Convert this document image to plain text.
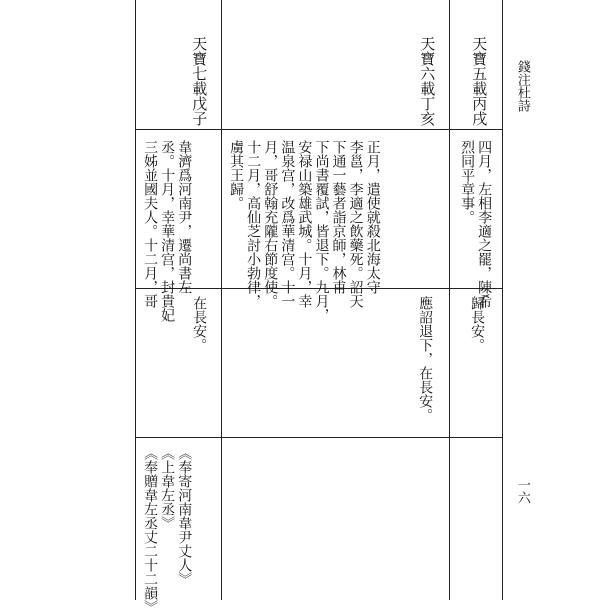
錢注杜詩
一六
天寶五載丙戌
四月，左相李適之罷，陳希
烈同平章事。
歸長安。
天寶六載丁亥
正月，遣使就殺北海太守
李邕，李適之飲藥死。詔天
下通一藝者詣京師，林甫
下尚書覆試，皆退下。九月，
安禄山築雄武城。十月，幸
温泉宫，改爲華清宫。十一
月，哥舒翰充隴右節度使。
十二月，高仙芝討小勃律，
虜其王歸。
應詔退下，在長安。
天寶七載戊子
韋濟爲河南尹，遷尚書左
丞。十月，幸華清宫，封貴妃
三姊並國夫人。十二月，哥
在長安。
《奉寄河南韋尹丈人》
《上韋左丞》
《奉贈韋左丞丈二十二韻》
